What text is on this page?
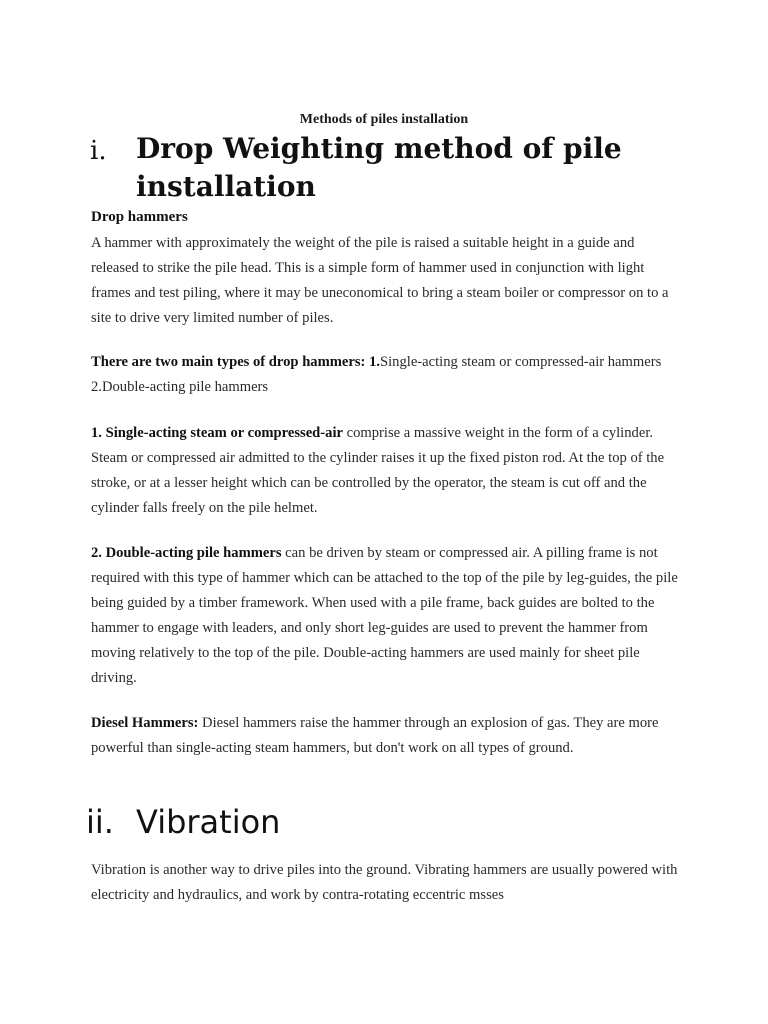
Methods of piles installation
i. Drop Weighting method of pile installation
Drop hammers

A hammer with approximately the weight of the pile is raised a suitable height in a guide and released to strike the pile head. This is a simple form of hammer used in conjunction with light frames and test piling, where it may be uneconomical to bring a steam boiler or compressor on to a site to drive very limited number of piles.

There are two main types of drop hammers: 1.Single-acting steam or compressed-air hammers 2.Double-acting pile hammers

1. Single-acting steam or compressed-air comprise a massive weight in the form of a cylinder. Steam or compressed air admitted to the cylinder raises it up the fixed piston rod. At the top of the stroke, or at a lesser height which can be controlled by the operator, the steam is cut off and the cylinder falls freely on the pile helmet.

2. Double-acting pile hammers can be driven by steam or compressed air. A pilling frame is not required with this type of hammer which can be attached to the top of the pile by leg-guides, the pile being guided by a timber framework. When used with a pile frame, back guides are bolted to the hammer to engage with leaders, and only short leg-guides are used to prevent the hammer from moving relatively to the top of the pile. Double-acting hammers are used mainly for sheet pile driving.

Diesel Hammers: Diesel hammers raise the hammer through an explosion of gas. They are more powerful than single-acting steam hammers, but don't work on all types of ground.

ii. Vibration

Vibration is another way to drive piles into the ground. Vibrating hammers are usually powered with electricity and hydraulics, and work by contra-rotating eccentric msses
